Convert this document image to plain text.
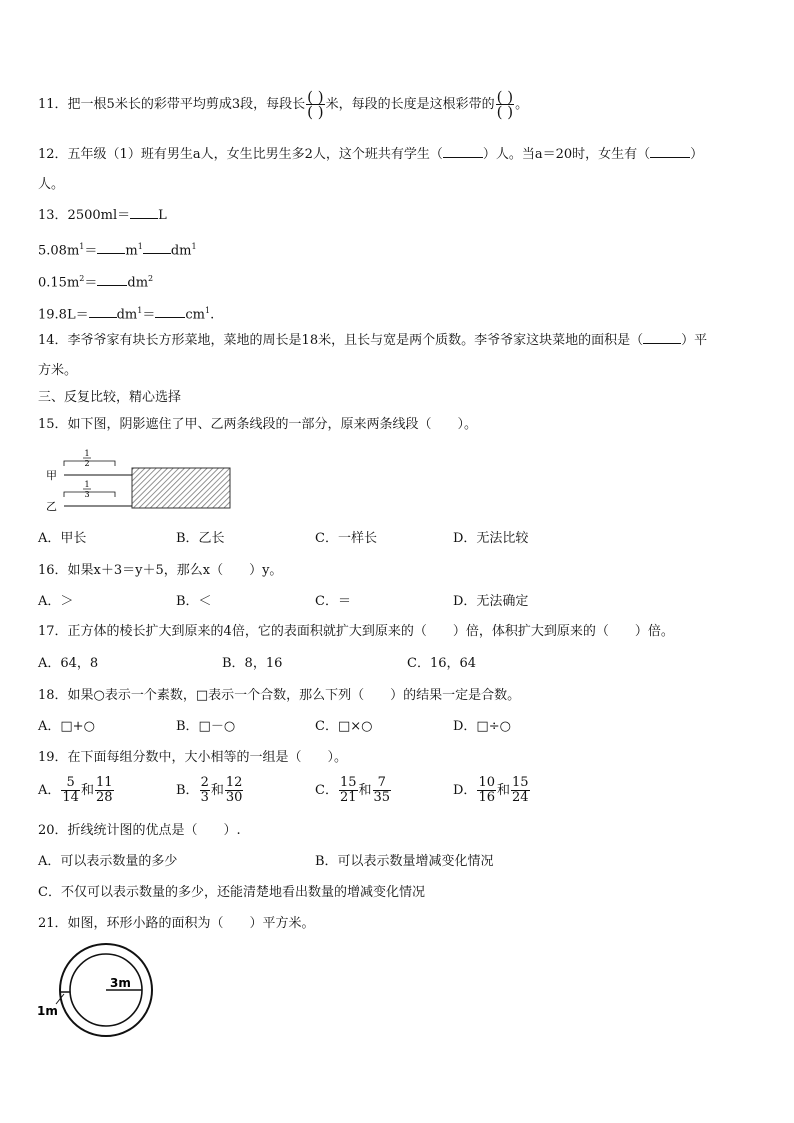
11．把一根5米长的彩带平均剪成3段，每段长 $\frac{( )}{( )}$ 米，每段的长度是这根彩带的 $\frac{( )}{( )}$ 。
12．五年级（1）班有男生a人，女生比男生多2人，这个班共有学生（	）人。当a＝20时，女生有（	）
人。
13．2500ml＝ L
$5.08m^1= m^1$ $dm^1$
$0.15m^2= dm^2$
$19.8L= dm^1= cm^1$.
14．李爷爷家有块长方形菜地，菜地的周长是18米，且长与宽是两个质数。李爷爷家这块菜地的面积是（	）平
方米。
三、反复比较，精心选择
15．如下图，阴影遮住了甲、乙两条线段的一部分，原来两条线段（　　）。
甲
乙
1
2
1
3
A．甲长	B．乙长	C．一样长	D．无法比较
16．如果x＋3＝y＋5，那么x（　　）y。
A．＞	B．＜	C．＝	D．无法确定
17．正方体的棱长扩大到原来的4倍，它的表面积就扩大到原来的（　　）倍，体积扩大到原来的（　　）倍。
A．64，8	B．8，16	C．16，64
18．如果○表示一个素数，□表示一个合数，那么下列（　　）的结果一定是合数。
A．□+○	B．□－○	C．□×○	D．□÷○
19．在下面每组分数中，大小相等的一组是（　　）。
A． $\frac{5}{14}$ 和 $\frac{11}{28}$	B． $\frac{2}{3}$ 和 $\frac{12}{30}$	C． $\frac{15}{21}$ 和 $\frac{7}{35}$	D． $\frac{10}{16}$ 和 $\frac{15}{24}$
20．折线统计图的优点是（　　）.
A．可以表示数量的多少	B．可以表示数量增减变化情况
C．不仅可以表示数量的多少，还能清楚地看出数量的增减变化情况
21．如图，环形小路的面积为（　　）平方米。
3m
1m
